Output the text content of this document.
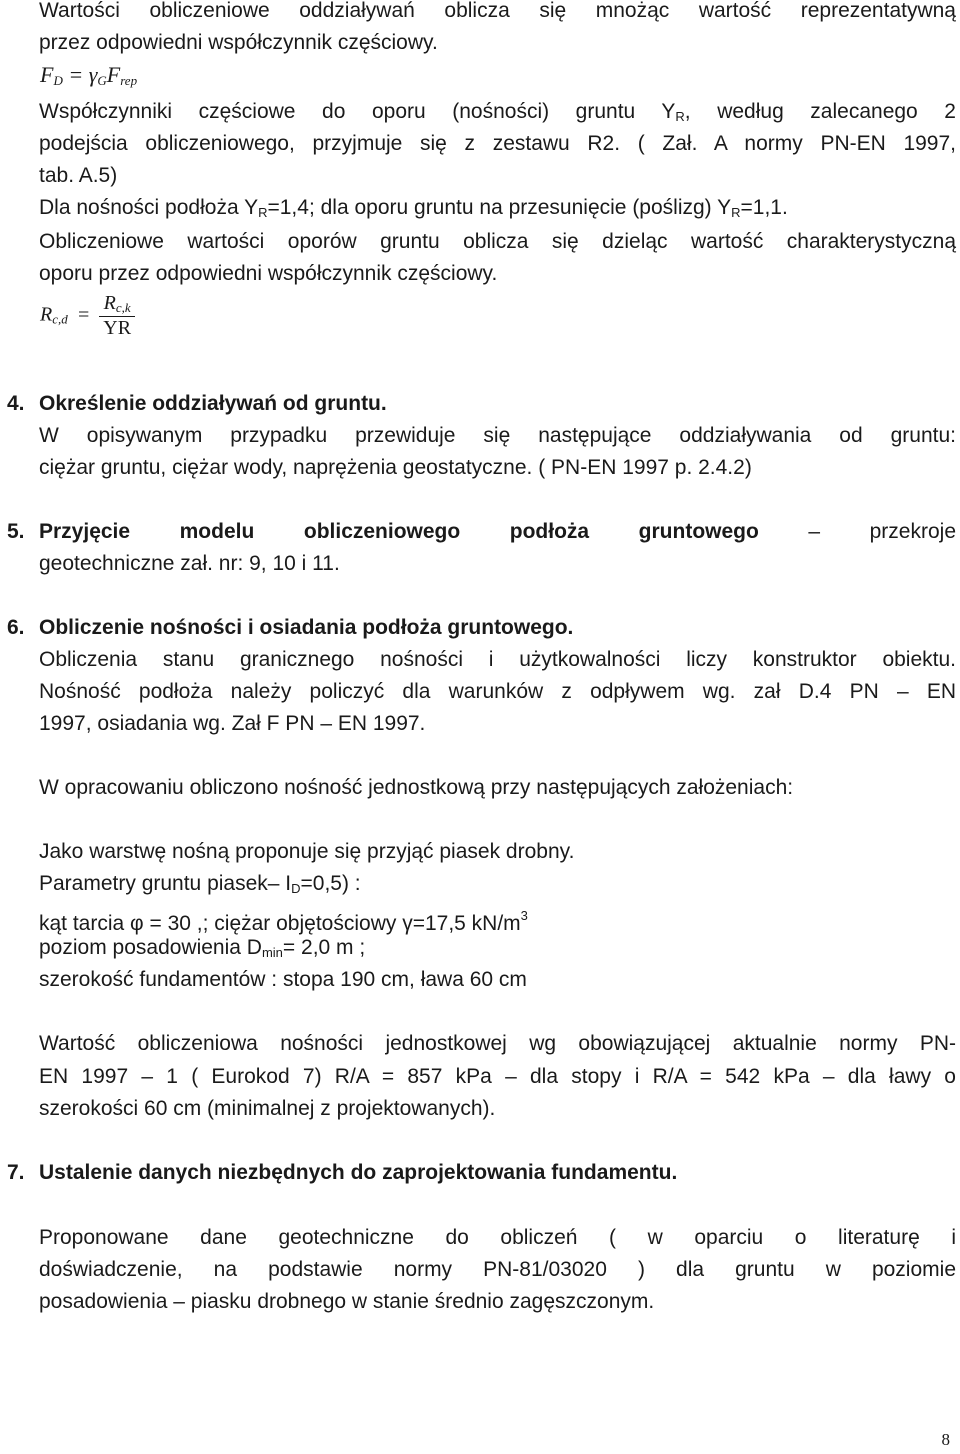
Wartości obliczeniowe oddziaływań oblicza się mnożąc wartość reprezentatywną

przez odpowiedni współczynnik częściowy.

$F_D = \gamma_GF_{rep}$

Współczynniki częściowe do oporu (nośności) gruntu $Y_R$, według zalecanego 2

podejścia obliczeniowego, przyjmuje się z zestawu R2. ( Zał. A normy PN-EN 1997,

tab. A.5)

Dla nośności podłoża $Y_R=1,4$; dla oporu gruntu na przesunięcie (poślizg) $Y_R=1,1$.

Obliczeniowe wartości oporów gruntu oblicza się dzieląc wartość charakterystyczną

oporu przez odpowiedni współczynnik częściowy.

$R_{c,d} = \frac{R_{c,k}}{YR}$

4. Określenie oddziaływań od gruntu.

W opisywanym przypadku przewiduje się następujące oddziaływania od gruntu:

ciężar gruntu, ciężar wody, naprężenia geostatyczne. ( PN-EN 1997 p. 2.4.2)

5. Przyjęcie modelu obliczeniowego podłoża gruntowego – przekroje

geotechniczne zał. nr: 9, 10 i 11.

6. Obliczenie nośności i osiadania podłoża gruntowego.

Obliczenia stanu granicznego nośności i użytkowalności liczy konstruktor obiektu.

Nośność podłoża należy policzyć dla warunków z odpływem wg. zał D.4 PN – EN

1997, osiadania wg. Zał F PN – EN 1997.

W opracowaniu obliczono nośność jednostkową przy następujących założeniach:

Jako warstwę nośną proponuje się przyjąć piasek drobny.

Parametry gruntu piasek– $I_D=0,5$) :

kąt tarcia φ = 30 ,; ciężar objętościowy γ=17,5 $kN/m^3$

poziom posadowienia $D_{min}= 2,0$ m ;

szerokość fundamentów : stopa 190 cm, ława 60 cm

Wartość obliczeniowa nośności jednostkowej wg obowiązującej aktualnie normy PN-

EN 1997 – 1 ( Eurokod 7) R/A = 857 kPa – dla stopy i R/A = 542 kPa – dla ławy o

szerokości 60 cm (minimalnej z projektowanych).

7. Ustalenie danych niezbędnych do zaprojektowania fundamentu.

Proponowane dane geotechniczne do obliczeń ( w oparciu o literaturę i

doświadczenie, na podstawie normy PN-81/03020 ) dla gruntu w poziomie

posadowienia – piasku drobnego w stanie średnio zagęszczonym.

8
